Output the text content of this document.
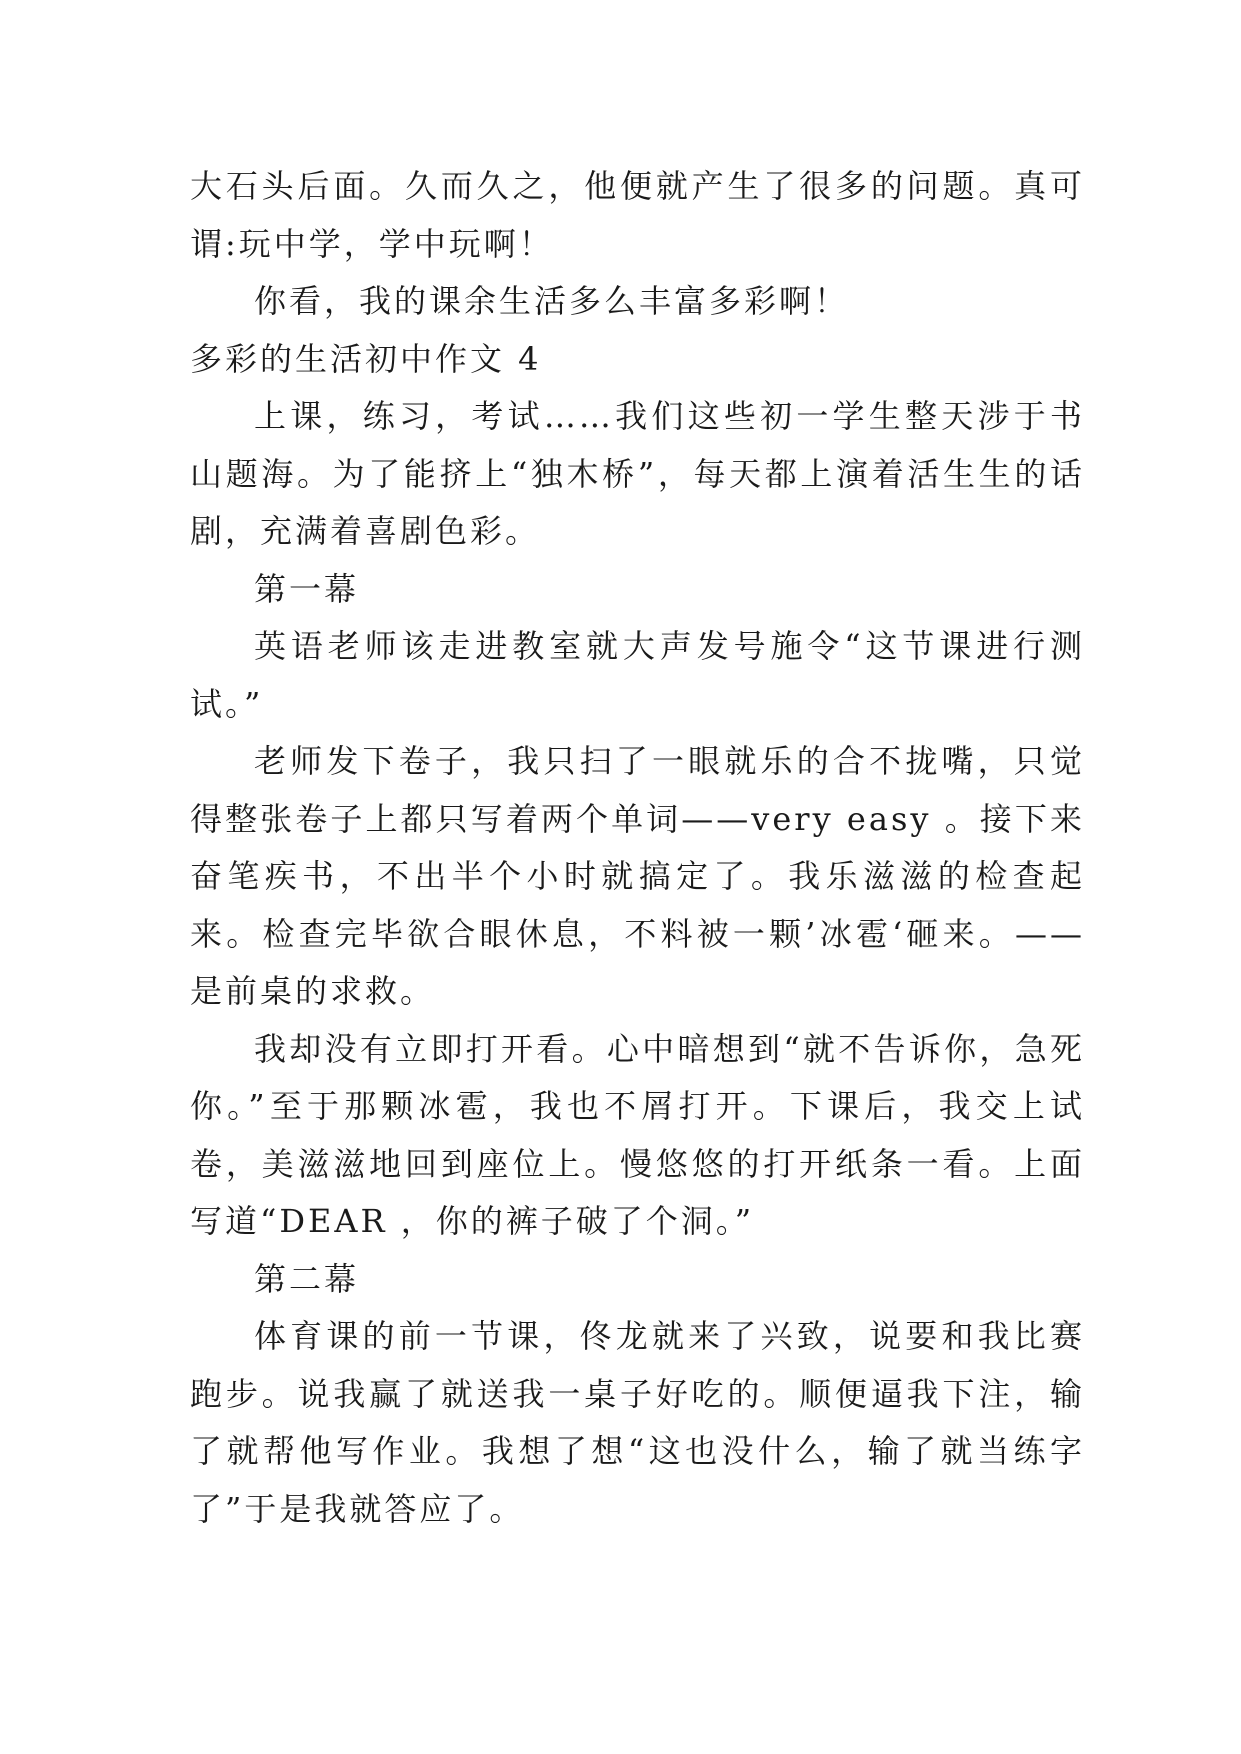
大石头后面。久而久之，他便就产生了很多的问题。真可谓:玩中学，学中玩啊！

你看，我的课余生活多么丰富多彩啊！

多彩的生活初中作文 4

上课，练习，考试……我们这些初一学生整天涉于书山题海。为了能挤上“独木桥”，每天都上演着活生生的话剧，充满着喜剧色彩。

第一幕

英语老师该走进教室就大声发号施令“这节课进行测试。”

老师发下卷子，我只扫了一眼就乐的合不拢嘴，只觉得整张卷子上都只写着两个单词——very easy 。接下来奋笔疾书，不出半个小时就搞定了。我乐滋滋的检查起来。检查完毕欲合眼休息，不料被一颗’冰雹‘砸来。——是前桌的求救。

我却没有立即打开看。心中暗想到“就不告诉你，急死你。”至于那颗冰雹，我也不屑打开。下课后，我交上试卷，美滋滋地回到座位上。慢悠悠的打开纸条一看。上面写道“DEAR ，你的裤子破了个洞。”

第二幕

体育课的前一节课，佟龙就来了兴致，说要和我比赛跑步。说我赢了就送我一桌子好吃的。顺便逼我下注，输了就帮他写作业。我想了想“这也没什么，输了就当练字了”于是我就答应了。
